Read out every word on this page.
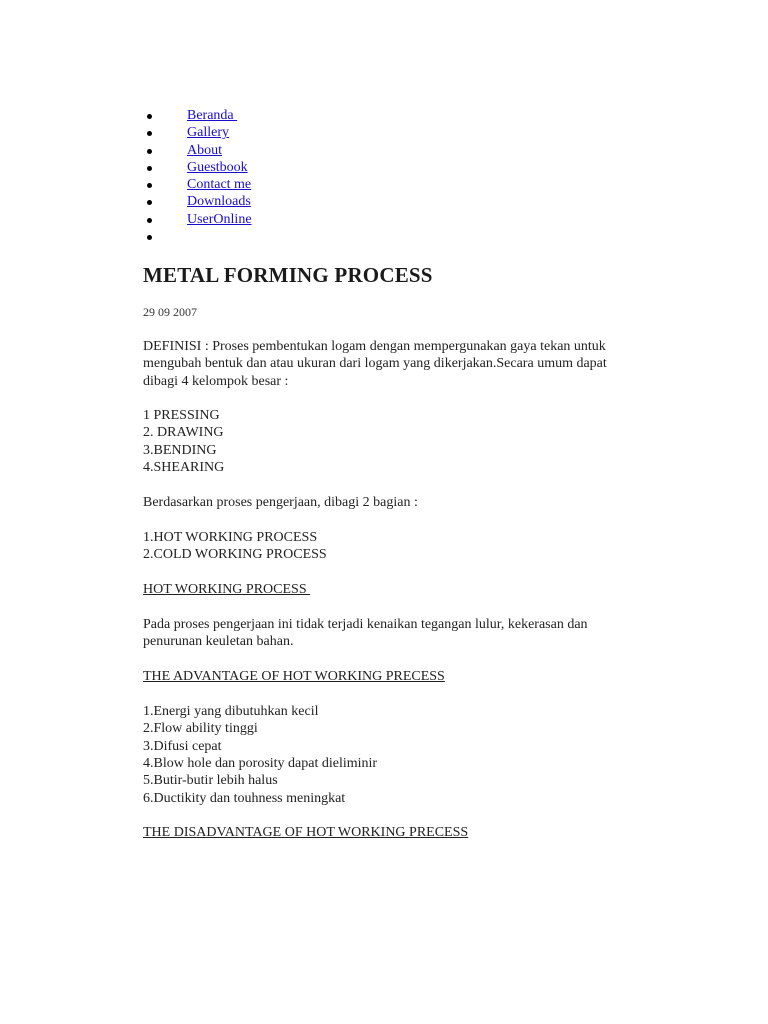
Beranda
Gallery
About
Guestbook
Contact me
Downloads
UserOnline
METAL FORMING PROCESS
29 09 2007
DEFINISI : Proses pembentukan logam dengan mempergunakan gaya tekan untuk
mengubah bentuk dan atau ukuran dari logam yang dikerjakan.Secara umum dapat
dibagi 4 kelompok besar :
1 PRESSING
2. DRAWING
3.BENDING
4.SHEARING
Berdasarkan proses pengerjaan, dibagi 2 bagian :
1.HOT WORKING PROCESS
2.COLD WORKING PROCESS
HOT WORKING PROCESS
Pada proses pengerjaan ini tidak terjadi kenaikan tegangan lulur, kekerasan dan
penurunan keuletan bahan.
THE ADVANTAGE OF HOT WORKING PRECESS
1.Energi yang dibutuhkan kecil
2.Flow ability tinggi
3.Difusi cepat
4.Blow hole dan porosity dapat dieliminir
5.Butir-butir lebih halus
6.Ductikity dan touhness meningkat
THE DISADVANTAGE OF HOT WORKING PRECESS
